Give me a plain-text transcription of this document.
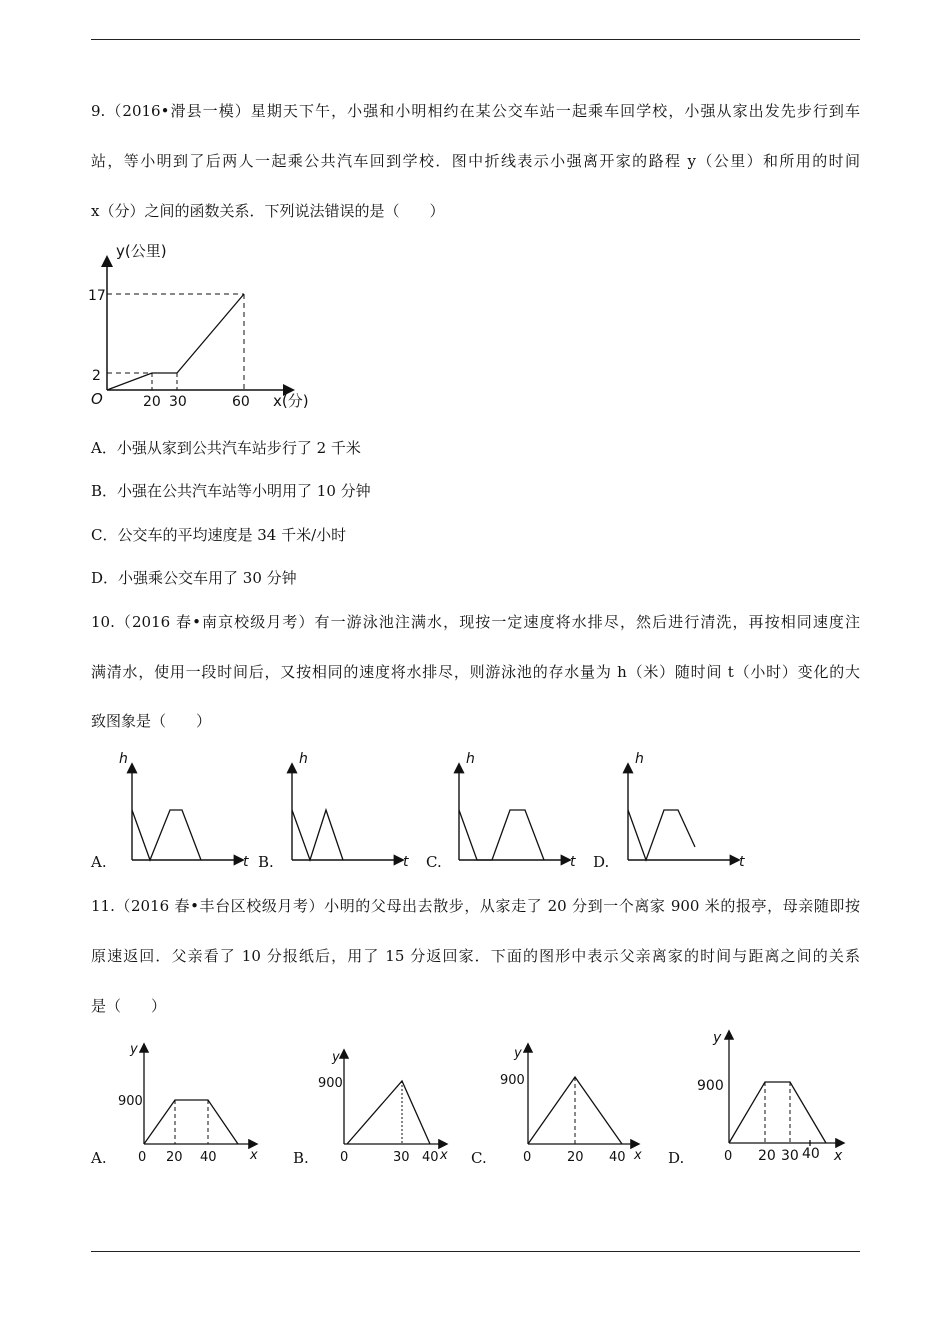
9.（2016•滑县一模）星期天下午，小强和小明相约在某公交车站一起乘车回学校，小强从家出发先步行到车
站，等小明到了后两人一起乘公共汽车回到学校．图中折线表示小强离开家的路程 y（公里）和所用的时间
x（分）之间的函数关系．下列说法错误的是（　　）
y(公里)
x(分)
O
17
2
20 30	60
A．小强从家到公共汽车站步行了 2 千米
B．小强在公共汽车站等小明用了 10 分钟
C．公交车的平均速度是 34 千米/小时
D．小强乘公交车用了 30 分钟
10.（2016 春•南京校级月考）有一游泳池注满水，现按一定速度将水排尽，然后进行清洗，再按相同速度注
满清水，使用一段时间后，又按相同的速度将水排尽，则游泳池的存水量为 h（米）随时间 t（小时）变化的大
致图象是（　　）
A.
h
t B.
h
t C.
h
t D.
h
t
11.（2016 春•丰台区校级月考）小明的父母出去散步，从家走了 20 分到一个离家 900 米的报亭，母亲随即按
原速返回．父亲看了 10 分报纸后，用了 15 分返回家．下面的图形中表示父亲离家的时间与距离之间的关系
是（　　）
A.
y
x
900
0 20 40	B.
y
x
900
0	30 40 C.
y
x
900
0	20 40	D.
y
x
900
0 20 30 40
